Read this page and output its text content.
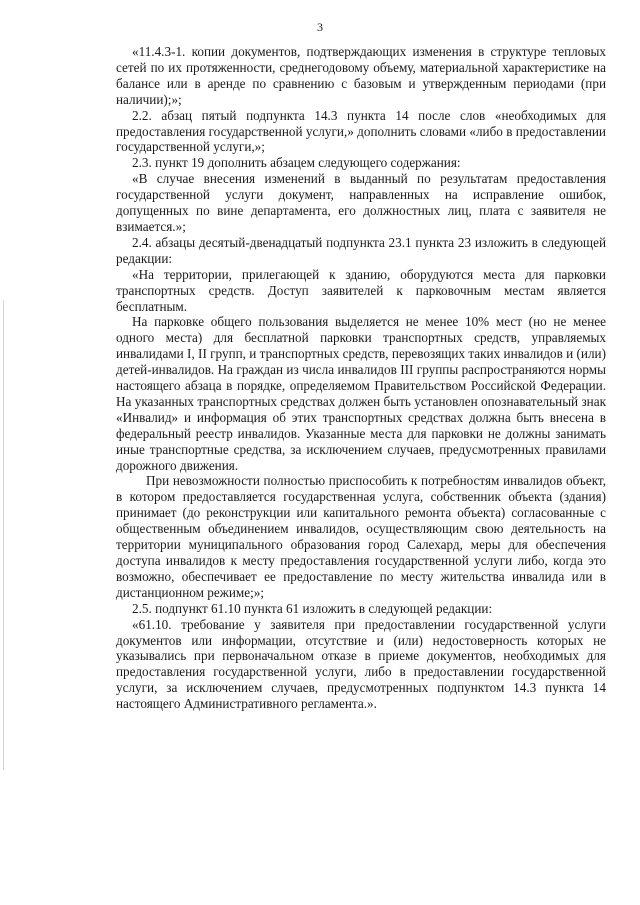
3

«11.4.3-1. копии документов, подтверждающих изменения в структуре тепловых сетей по их протяженности, среднегодовому объему, материальной характеристике на балансе или в аренде по сравнению с базовым и утвержденным периодами (при наличии);»;

2.2. абзац пятый подпункта 14.3 пункта 14 после слов «необходимых для предоставления государственной услуги,» дополнить словами «либо в предоставлении государственной услуги,»;

2.3. пункт 19 дополнить абзацем следующего содержания:

«В случае внесения изменений в выданный по результатам предоставления государственной услуги документ, направленных на исправление ошибок, допущенных по вине департамента, его должностных лиц, плата с заявителя не взимается.»;

2.4. абзацы десятый-двенадцатый подпункта 23.1 пункта 23 изложить в следующей редакции:

«На территории, прилегающей к зданию, оборудуются места для парковки транспортных средств. Доступ заявителей к парковочным местам является бесплатным.

На парковке общего пользования выделяется не менее 10% мест (но не менее одного места) для бесплатной парковки транспортных средств, управляемых инвалидами I, II групп, и транспортных средств, перевозящих таких инвалидов и (или) детей-инвалидов. На граждан из числа инвалидов III группы распространяются нормы настоящего абзаца в порядке, определяемом Правительством Российской Федерации. На указанных транспортных средствах должен быть установлен опознавательный знак «Инвалид» и информация об этих транспортных средствах должна быть внесена в федеральный реестр инвалидов. Указанные места для парковки не должны занимать иные транспортные средства, за исключением случаев, предусмотренных правилами дорожного движения.

При невозможности полностью приспособить к потребностям инвалидов объект, в котором предоставляется государственная услуга, собственник объекта (здания) принимает (до реконструкции или капитального ремонта объекта) согласованные с общественным объединением инвалидов, осуществляющим свою деятельность на территории муниципального образования город Салехард, меры для обеспечения доступа инвалидов к месту предоставления государственной услуги либо, когда это возможно, обеспечивает ее предоставление по месту жительства инвалида или в дистанционном режиме;»;

2.5. подпункт 61.10 пункта 61 изложить в следующей редакции:

«61.10. требование у заявителя при предоставлении государственной услуги документов или информации, отсутствие и (или) недостоверность которых не указывались при первоначальном отказе в приеме документов, необходимых для предоставления государственной услуги, либо в предоставлении государственной услуги, за исключением случаев, предусмотренных подпунктом 14.3 пункта 14 настоящего Административного регламента.».
